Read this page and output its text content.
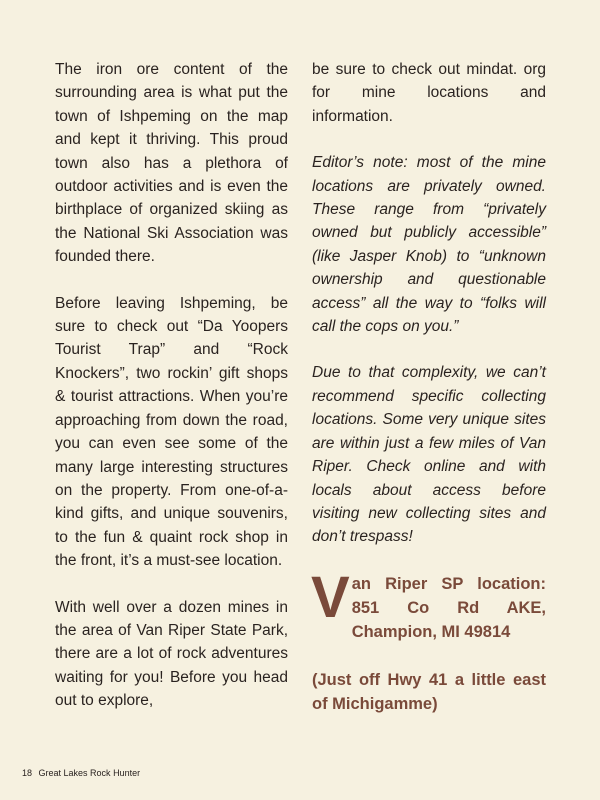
The iron ore content of the surrounding area is what put the town of Ishpeming on the map and kept it thriving. This proud town also has a plethora of outdoor activities and is even the birthplace of organized skiing as the National Ski Association was founded there.

Before leaving Ishpeming, be sure to check out “Da Yoopers Tourist Trap” and “Rock Knockers”, two rockin’ gift shops & tourist attractions. When you’re approaching from down the road, you can even see some of the many large interesting structures on the property. From one-of-a-kind gifts, and unique souvenirs, to the fun & quaint rock shop in the front, it’s a must-see location.

With well over a dozen mines in the area of Van Riper State Park, there are a lot of rock adventures waiting for you! Before you head out to explore,

be sure to check out mindat. org for mine locations and information.

Editor’s note: most of the mine locations are privately owned. These range from “privately owned but publicly accessible” (like Jasper Knob) to “unknown ownership and questionable access” all the way to “folks will call the cops on you.”

Due to that complexity, we can’t recommend specific collecting locations. Some very unique sites are within just a few miles of Van Riper. Check online and with locals about access before visiting new collecting sites and don’t trespass!

V an Riper SP location:
851 Co Rd AKE,
Champion, MI 49814
(Just off Hwy 41 a little east of Michigamme)
18 Great Lakes Rock Hunter
